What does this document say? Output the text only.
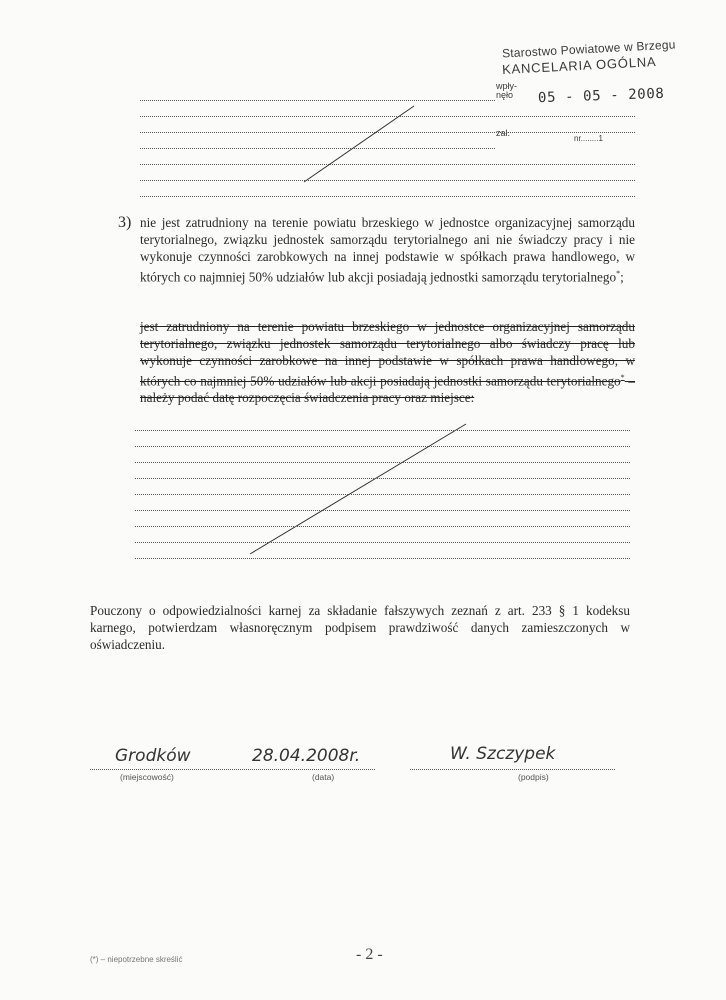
Starostwo Powiatowe w Brzegu
KANCELARIA OGÓLNA
wpły-
nęło 05 - 05 - 2008
zał.
nr........1
3) nie jest zatrudniony na terenie powiatu brzeskiego w jednostce organizacyjnej samorządu terytorialnego, związku jednostek samorządu terytorialnego ani nie świadczy pracy i nie wykonuje czynności zarobkowych na innej podstawie w spółkach prawa handlowego, w których co najmniej 50% udziałów lub akcji posiadają jednostki samorządu terytorialnego*;

jest zatrudniony na terenie powiatu brzeskiego w jednostce organizacyjnej samorządu terytorialnego, związku jednostek samorządu terytorialnego albo świadczy pracę lub wykonuje czynności zarobkowe na innej podstawie w spółkach prawa handlowego, w których co najmniej 50% udziałów lub akcji posiadają jednostki samorządu terytorialnego* – należy podać datę rozpoczęcia świadczenia pracy oraz miejsce:

Pouczony o odpowiedzialności karnej za składanie fałszywych zeznań z art. 233 § 1 kodeksu karnego, potwierdzam własnoręcznym podpisem prawdziwość danych zamieszczonych w oświadczeniu.

Grodków	28.04.2008r.	W. Szczypek
(miejscowość)	(data)	(podpis)
(*) – niepotrzebne skreślić	- 2 -
